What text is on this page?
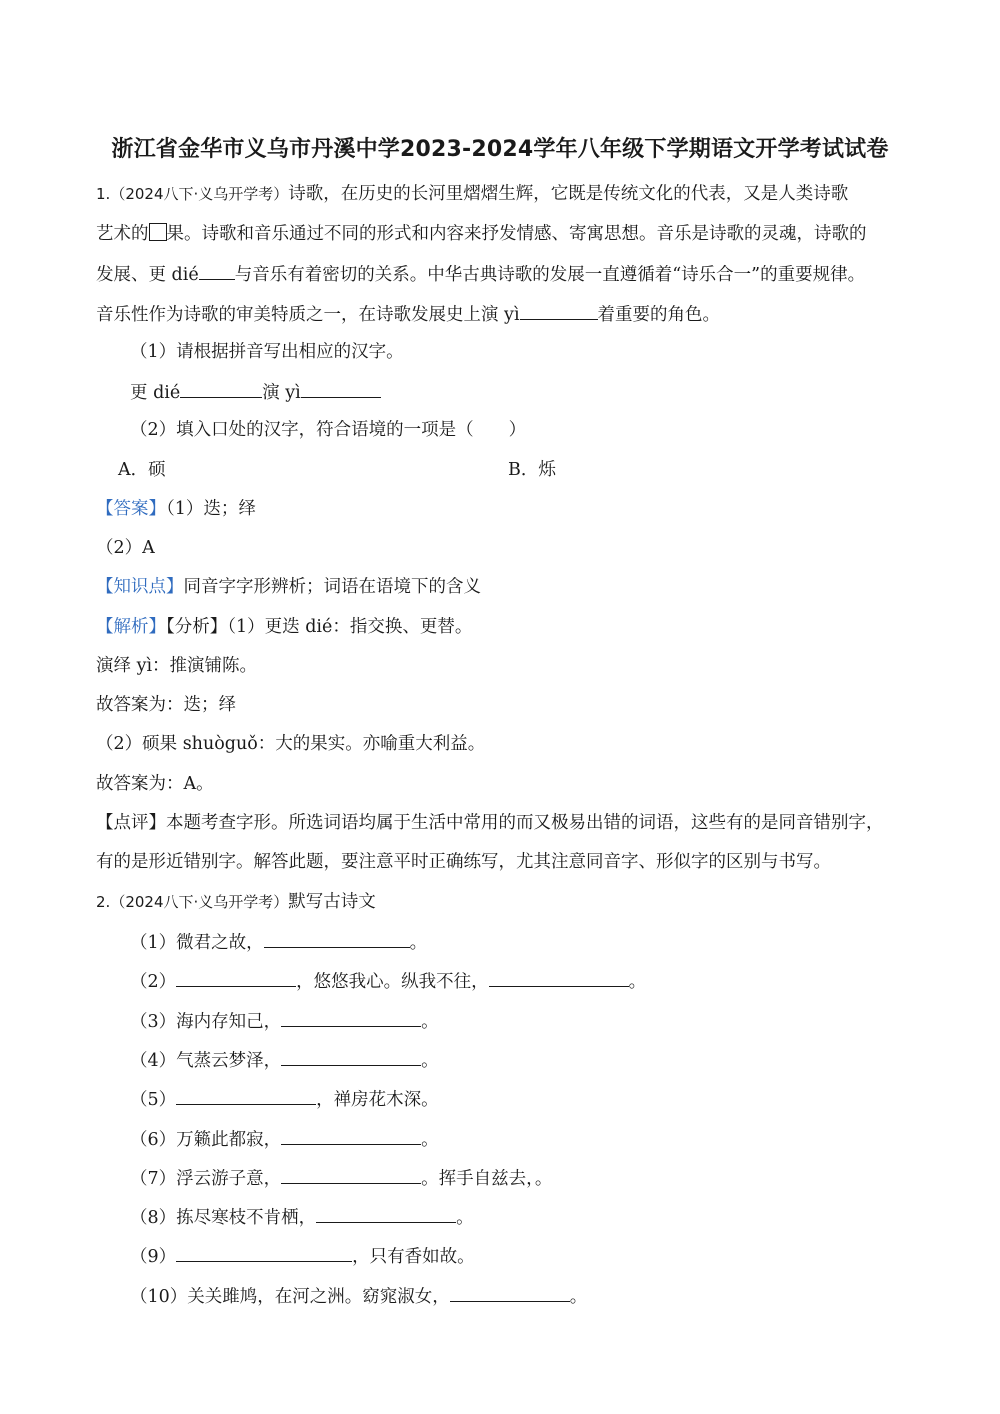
浙江省金华市义乌市丹溪中学2023-2024学年八年级下学期语文开学考试试卷
1.（2024八下·义乌开学考）诗歌，在历史的长河里熠熠生辉，它既是传统文化的代表，又是人类诗歌
艺术的 果。诗歌和音乐通过不同的形式和内容来抒发情感、寄寓思想。音乐是诗歌的灵魂，诗歌的
发展、更 dié 与音乐有着密切的关系。中华古典诗歌的发展一直遵循着“诗乐合一”的重要规律。
音乐性作为诗歌的审美特质之一，在诗歌发展史上演 yì	着重要的角色。
（1）请根据拼音写出相应的汉字。
更 dié	演 yì
（2）填入口处的汉字，符合语境的一项是（　　）
A．硕	B．烁
【答案】（1）迭；绎
（2）A
【知识点】同音字字形辨析；词语在语境下的含义
【解析】【分析】（1）更迭 dié：指交换、更替。
演绎 yì：推演铺陈。
故答案为：迭；绎
（2）硕果 shuòguǒ：大的果实。亦喻重大利益。
故答案为：A。
【点评】本题考查字形。所选词语均属于生活中常用的而又极易出错的词语，这些有的是同音错别字，
有的是形近错别字。解答此题，要注意平时正确练写，尤其注意同音字、形似字的区别与书写。
2.（2024八下·义乌开学考）默写古诗文
（1）微君之故，	。
（2）	，悠悠我心。纵我不往，	。
（3）海内存知己，	。
（4）气蒸云梦泽，	。
（5）	，禅房花木深。
（6）万籁此都寂，	。
（7）浮云游子意，	。挥手自兹去，。
（8）拣尽寒枝不肯栖，	。
（9）	，只有香如故。
（10）关关雎鸠，在河之洲。窈窕淑女，	。
